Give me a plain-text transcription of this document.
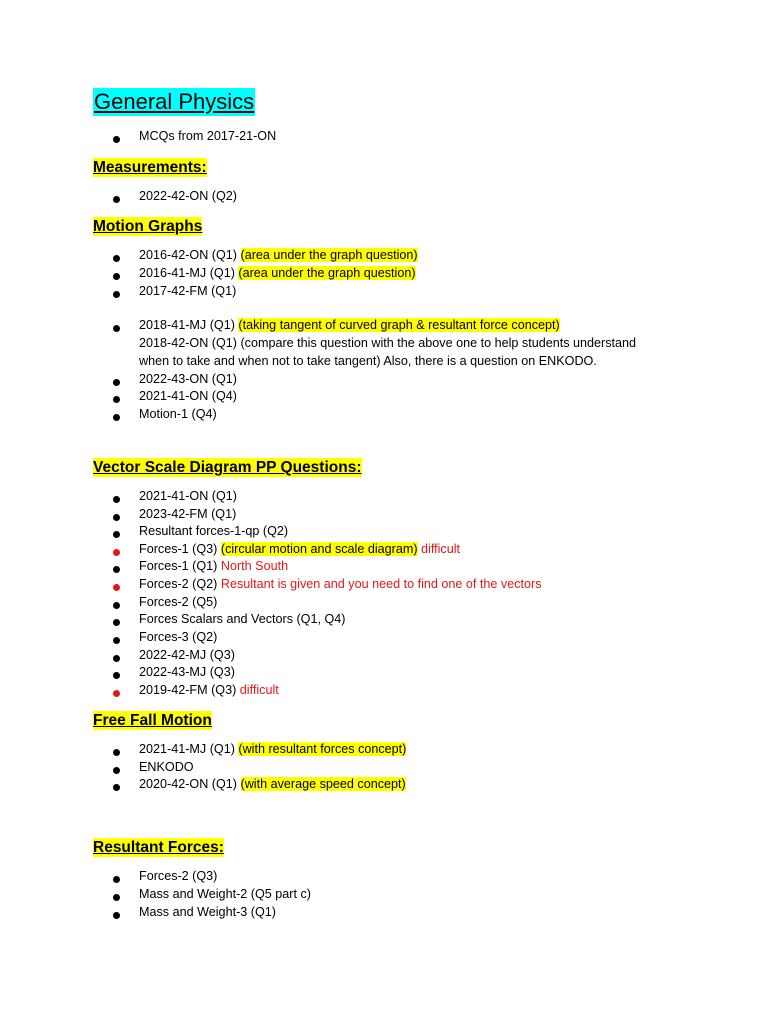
General Physics

MCQs from 2017-21-ON

Measurements:

2022-42-ON (Q2)

Motion Graphs

2016-42-ON (Q1) (area under the graph question)

2016-41-MJ (Q1) (area under the graph question)

2017-42-FM (Q1)

2018-41-MJ (Q1) (taking tangent of curved graph & resultant force concept)

2018-42-ON (Q1) (compare this question with the above one to help students understand

when to take and when not to take tangent) Also, there is a question on ENKODO.

2022-43-ON (Q1)

2021-41-ON (Q4)

Motion-1 (Q4)

Vector Scale Diagram PP Questions:

2021-41-ON (Q1)

2023-42-FM (Q1)

Resultant forces-1-qp (Q2)

Forces-1 (Q3) (circular motion and scale diagram) difficult

Forces-1 (Q1) North South

Forces-2 (Q2) Resultant is given and you need to find one of the vectors

Forces-2 (Q5)

Forces Scalars and Vectors (Q1, Q4)

Forces-3 (Q2)

2022-42-MJ (Q3)

2022-43-MJ (Q3)

2019-42-FM (Q3) difficult

Free Fall Motion

2021-41-MJ (Q1) (with resultant forces concept)

ENKODO

2020-42-ON (Q1) (with average speed concept)

Resultant Forces:

Forces-2 (Q3)

Mass and Weight-2 (Q5 part c)

Mass and Weight-3 (Q1)
